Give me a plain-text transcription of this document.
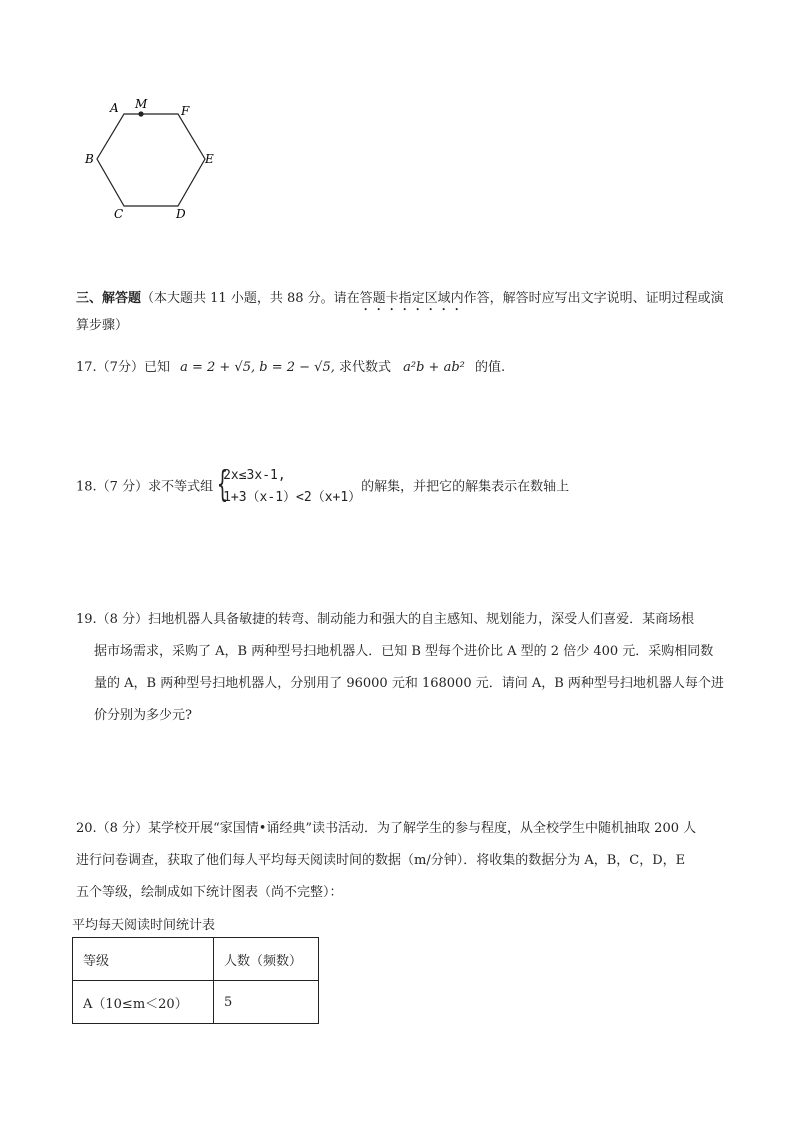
A M	F
B	E
C	D
三、解答题（本大题共 11 小题，共 88 分。请在答题卡指定区域内作答，解答时应写出文字说明、证明过程或演算步骤）
17.（7分）已知 a = 2 + √5, b = 2 − √5, 求代数式 a²b + ab² 的值.
18.（7 分）求不等式组 {
2x≤3x-1,
1+3（x-1）<2（x+1）
的解集，并把它的解集表示在数轴上
19.（8 分）扫地机器人具备敏捷的转弯、制动能力和强大的自主感知、规划能力，深受人们喜爱．某商场根
据市场需求，采购了 A，B 两种型号扫地机器人．已知 B 型每个进价比 A 型的 2 倍少 400 元．采购相同数
量的 A，B 两种型号扫地机器人，分别用了 96000 元和 168000 元．请问 A，B 两种型号扫地机器人每个进
价分别为多少元?
20.（8 分）某学校开展“家国情•诵经典”读书活动．为了解学生的参与程度，从全校学生中随机抽取 200 人
进行问卷调查，获取了他们每人平均每天阅读时间的数据（m/分钟）．将收集的数据分为 A，B，C，D，E
五个等级，绘制成如下统计图表（尚不完整）：
平均每天阅读时间统计表
等级	人数（频数）
A（10≤m＜20）	5
